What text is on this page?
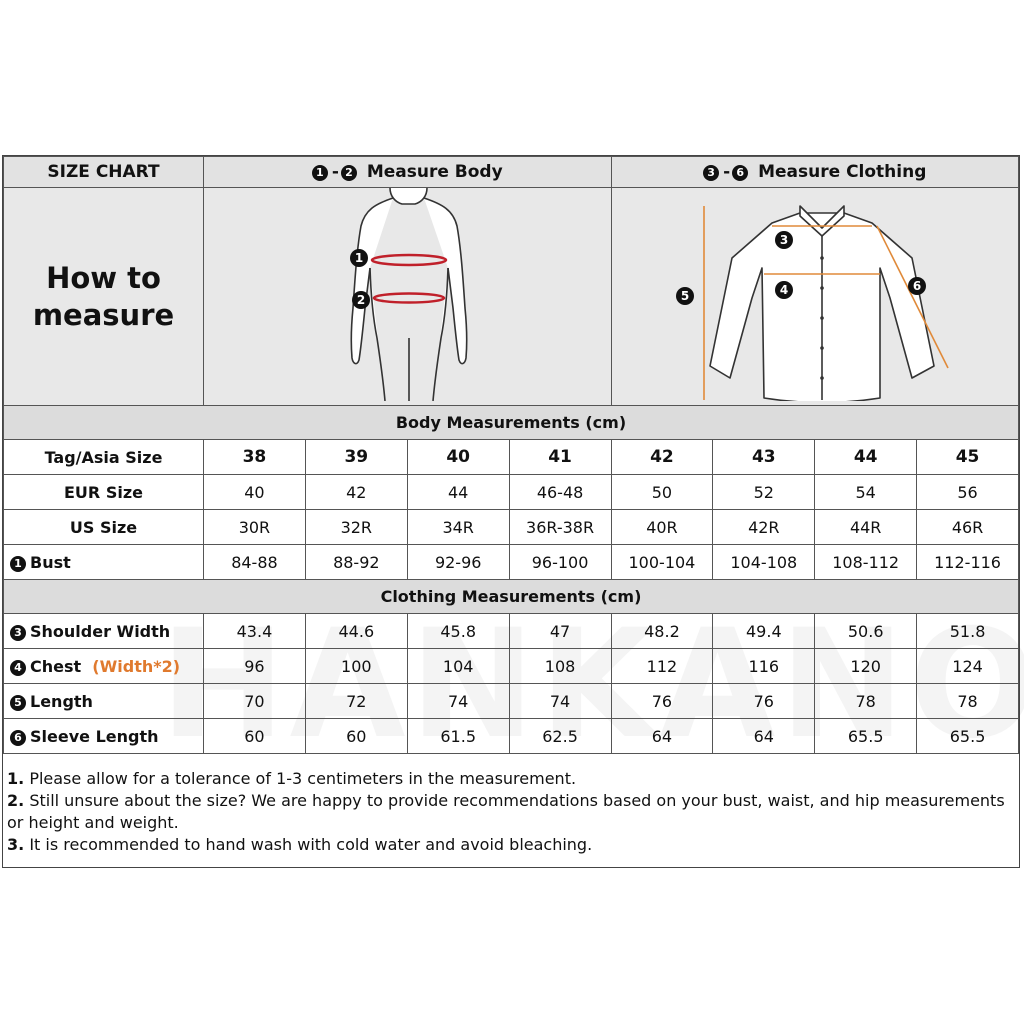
SIZE CHART	1 - 2 Measure Body				3 - 6 Measure Clothing			
How to
measure	1
2				3
4
5
6			

Body Measurements (cm)								
Tag/Asia Size	38	39	40	41	42	43	44	45
EUR Size	40	42	44	46-48	50	52	54	56
US Size	30R	32R	34R	36R-38R	40R	42R	44R	46R
1 Bust	84-88	88-92	92-96	96-100	100-104	104-108	108-112	112-116
Clothing Measurements (cm)								
3 Shoulder Width	43.4	44.6	45.8	47	48.2	49.4	50.6	51.8
4 Chest (Width*2)	96	100	104	108	112	116	120	124
5 Length	70	72	74	74	76	76	78	78
6 Sleeve Length	60	60	61.5	62.5	64	64	65.5	65.5

1. Please allow for a tolerance of 1-3 centimeters in the measurement.

2. Still unsure about the size? We are happy to provide recommendations based on your bust, waist, and hip measurements or height and weight.

3. It is recommended to hand wash with cold water and avoid bleaching.
